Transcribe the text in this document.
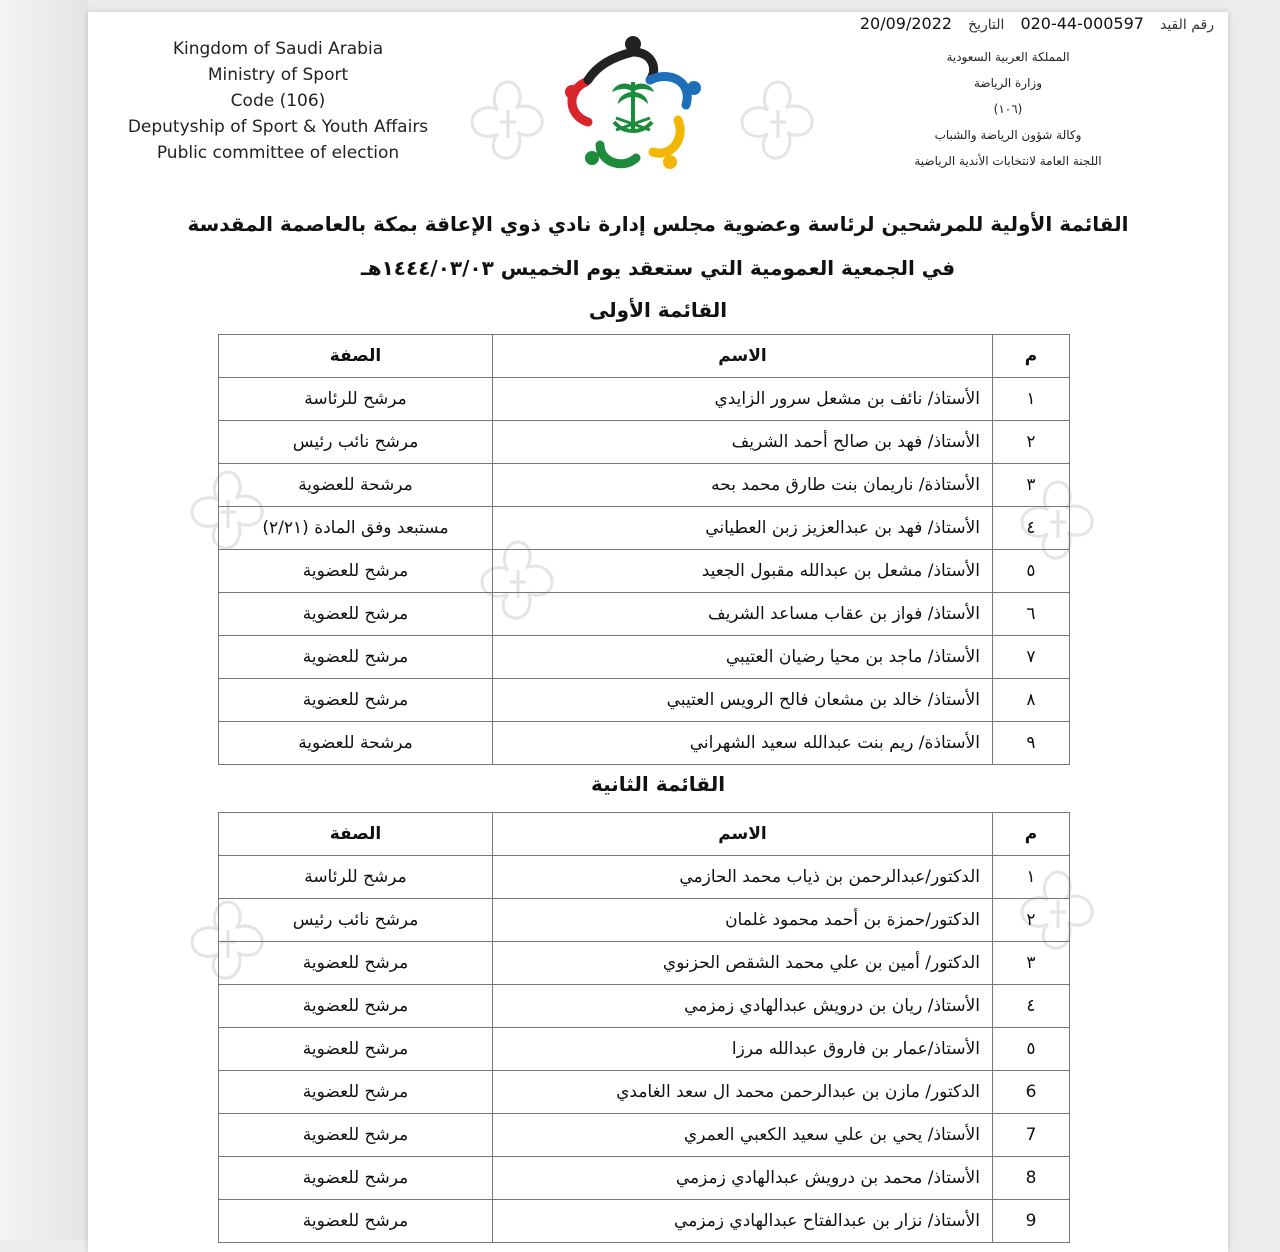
رقم القيد
020-44-000597
التاريخ
20/09/2022
Kingdom of Saudi Arabia
Ministry of Sport
Code (106)
Deputyship of Sport & Youth Affairs
Public committee of election
المملكة العربية السعودية
وزارة الرياضة
(١٠٦)
وكالة شؤون الرياضة والشباب
اللجنة العامة لانتخابات الأندية الرياضية
القائمة الأولية للمرشحين لرئاسة وعضوية مجلس إدارة نادي ذوي الإعاقة بمكة بالعاصمة المقدسة
في الجمعية العمومية التي ستعقد يوم الخميس ١٤٤٤/٠٣/٠٣هـ
القائمة الأولى
م	الاسم	الصفة
١	الأستاذ/ نائف بن مشعل سرور الزايدي	مرشح للرئاسة
٢	الأستاذ/ فهد بن صالح أحمد الشريف	مرشح نائب رئيس
٣	الأستاذة/ ناريمان بنت طارق محمد بحه	مرشحة للعضوية
٤	الأستاذ/ فهد بن عبدالعزيز زبن العطياني	مستبعد وفق المادة (٢/٢١)
٥	الأستاذ/ مشعل بن عبدالله مقبول الجعيد	مرشح للعضوية
٦	الأستاذ/ فواز بن عقاب مساعد الشريف	مرشح للعضوية
٧	الأستاذ/ ماجد بن محيا رضيان العتيبي	مرشح للعضوية
٨	الأستاذ/ خالد بن مشعان فالح الرويس العتيبي	مرشح للعضوية
٩	الأستاذة/ ريم بنت عبدالله سعيد الشهراني	مرشحة للعضوية
القائمة الثانية
م	الاسم	الصفة
١	الدكتور/عبدالرحمن بن ذياب محمد الحازمي	مرشح للرئاسة
٢	الدكتور/حمزة بن أحمد محمود غلمان	مرشح نائب رئيس
٣	الدكتور/ أمين بن علي محمد الشقص الحزنوي	مرشح للعضوية
٤	الأستاذ/ ريان بن درويش عبدالهادي زمزمي	مرشح للعضوية
٥	الأستاذ/عمار بن فاروق عبدالله مرزا	مرشح للعضوية
6	الدكتور/ مازن بن عبدالرحمن محمد ال سعد الغامدي	مرشح للعضوية
7	الأستاذ/ يحي بن علي سعيد الكعبي العمري	مرشح للعضوية
8	الأستاذ/ محمد بن درويش عبدالهادي زمزمي	مرشح للعضوية
9	الأستاذ/ نزار بن عبدالفتاح عبدالهادي زمزمي	مرشح للعضوية
